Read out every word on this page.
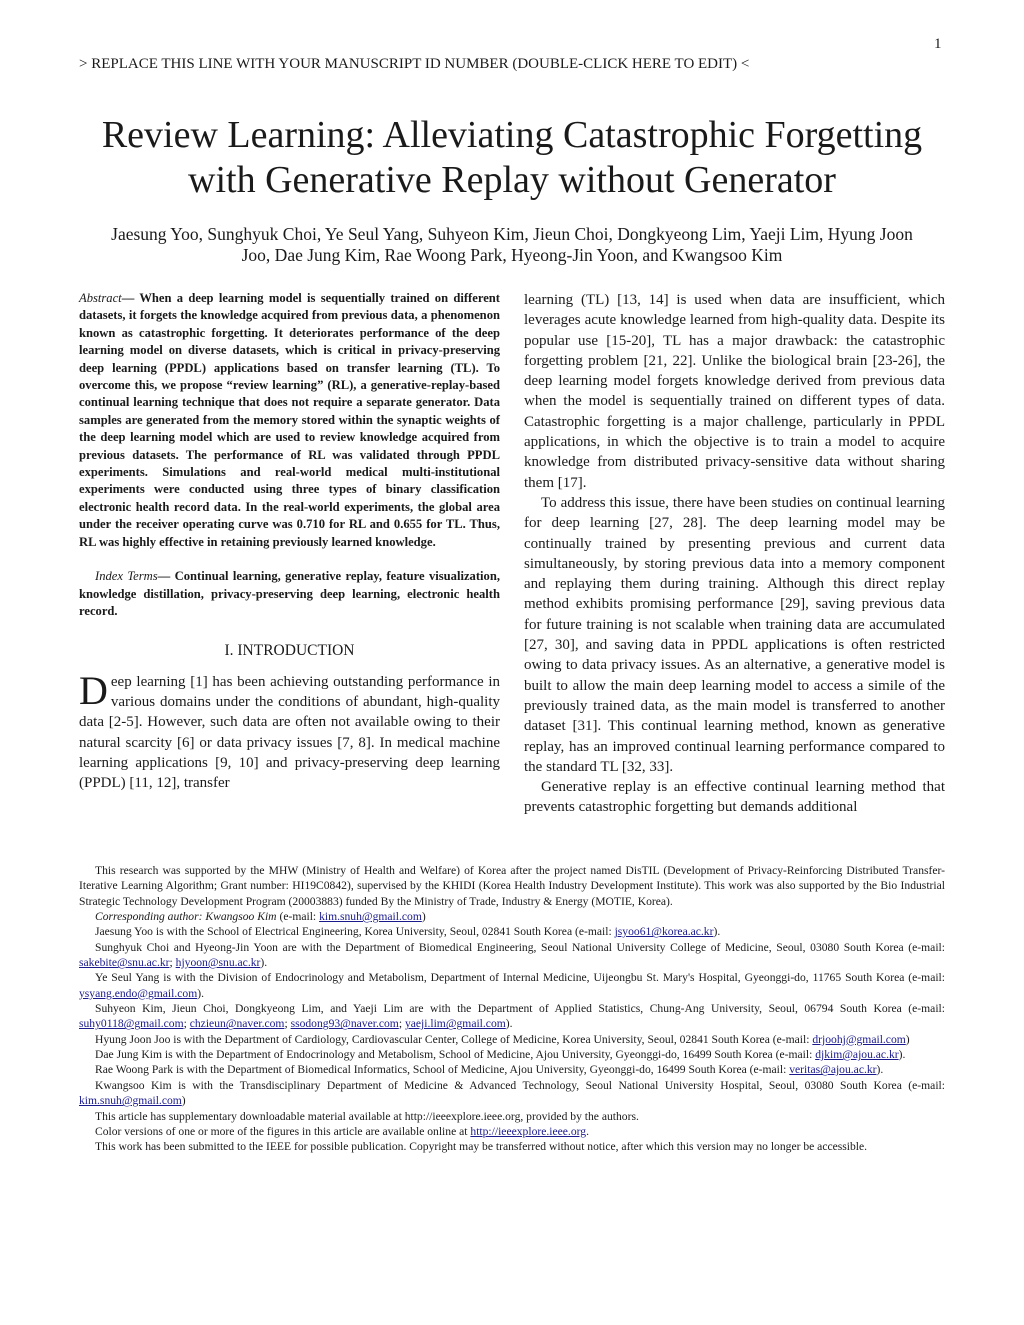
1
> REPLACE THIS LINE WITH YOUR MANUSCRIPT ID NUMBER (DOUBLE-CLICK HERE TO EDIT) <
Review Learning: Alleviating Catastrophic Forgetting
with Generative Replay without Generator
Jaesung Yoo, Sunghyuk Choi, Ye Seul Yang, Suhyeon Kim, Jieun Choi, Dongkyeong Lim, Yaeji Lim, Hyung Joon
Joo, Dae Jung Kim, Rae Woong Park, Hyeong-Jin Yoon, and Kwangsoo Kim

Abstract— When a deep learning model is sequentially trained on different datasets, it forgets the knowledge acquired from previous data, a phenomenon known as catastrophic forgetting. It deteriorates performance of the deep learning model on diverse datasets, which is critical in privacy-preserving deep learning (PPDL) applications based on transfer learning (TL). To overcome this, we propose “review learning” (RL), a generative-replay-based continual learning technique that does not require a separate generator. Data samples are generated from the memory stored within the synaptic weights of the deep learning model which are used to review knowledge acquired from previous datasets. The performance of RL was validated through PPDL experiments. Simulations and real-world medical multi-institutional experiments were conducted using three types of binary classification electronic health record data. In the real-world experiments, the global area under the receiver operating curve was 0.710 for RL and 0.655 for TL. Thus, RL was highly effective in retaining previously learned knowledge.

Index Terms— Continual learning, generative replay, feature visualization, knowledge distillation, privacy-preserving deep learning, electronic health record.

I. INTRODUCTION

Deep learning [1] has been achieving outstanding performance in various domains under the conditions of abundant, high-quality data [2-5]. However, such data are often not available owing to their natural scarcity [6] or data privacy issues [7, 8]. In medical machine learning applications [9, 10] and privacy-preserving deep learning (PPDL) [11, 12], transfer

learning (TL) [13, 14] is used when data are insufficient, which leverages acute knowledge learned from high-quality data. Despite its popular use [15-20], TL has a major drawback: the catastrophic forgetting problem [21, 22]. Unlike the biological brain [23-26], the deep learning model forgets knowledge derived from previous data when the model is sequentially trained on different types of data. Catastrophic forgetting is a major challenge, particularly in PPDL applications, in which the objective is to train a model to acquire knowledge from distributed privacy-sensitive data without sharing them [17].

To address this issue, there have been studies on continual learning for deep learning [27, 28]. The deep learning model may be continually trained by presenting previous and current data simultaneously, by storing previous data into a memory component and replaying them during training. Although this direct replay method exhibits promising performance [29], saving previous data for future training is not scalable when training data are accumulated [27, 30], and saving data in PPDL applications is often restricted owing to data privacy issues. As an alternative, a generative model is built to allow the main deep learning model to access a simile of the previously trained data, as the main model is transferred to another dataset [31]. This continual learning method, known as generative replay, has an improved continual learning performance compared to the standard TL [32, 33].

Generative replay is an effective continual learning method that prevents catastrophic forgetting but demands additional

This research was supported by the MHW (Ministry of Health and Welfare) of Korea after the project named DisTIL (Development of Privacy-Reinforcing Distributed Transfer-Iterative Learning Algorithm; Grant number: HI19C0842), supervised by the KHIDI (Korea Health Industry Development Institute). This work was also supported by the Bio Industrial Strategic Technology Development Program (20003883) funded By the Ministry of Trade, Industry & Energy (MOTIE, Korea).

Corresponding author: Kwangsoo Kim (e-mail: kim.snuh@gmail.com)

Jaesung Yoo is with the School of Electrical Engineering, Korea University, Seoul, 02841 South Korea (e-mail: jsyoo61@korea.ac.kr).

Sunghyuk Choi and Hyeong-Jin Yoon are with the Department of Biomedical Engineering, Seoul National University College of Medicine, Seoul, 03080 South Korea (e-mail: sakebite@snu.ac.kr; hjyoon@snu.ac.kr).

Ye Seul Yang is with the Division of Endocrinology and Metabolism, Department of Internal Medicine, Uijeongbu St. Mary's Hospital, Gyeonggi-do, 11765 South Korea (e-mail: ysyang.endo@gmail.com).

Suhyeon Kim, Jieun Choi, Dongkyeong Lim, and Yaeji Lim are with the Department of Applied Statistics, Chung-Ang University, Seoul, 06794 South Korea (e-mail: suhy0118@gmail.com; chzieun@naver.com; ssodong93@naver.com; yaeji.lim@gmail.com).

Hyung Joon Joo is with the Department of Cardiology, Cardiovascular Center, College of Medicine, Korea University, Seoul, 02841 South Korea (e-mail: drjoohj@gmail.com)

Dae Jung Kim is with the Department of Endocrinology and Metabolism, School of Medicine, Ajou University, Gyeonggi-do, 16499 South Korea (e-mail: djkim@ajou.ac.kr).

Rae Woong Park is with the Department of Biomedical Informatics, School of Medicine, Ajou University, Gyeonggi-do, 16499 South Korea (e-mail: veritas@ajou.ac.kr).

Kwangsoo Kim is with the Transdisciplinary Department of Medicine & Advanced Technology, Seoul National University Hospital, Seoul, 03080 South Korea (e-mail: kim.snuh@gmail.com)

This article has supplementary downloadable material available at http://ieeexplore.ieee.org, provided by the authors.

Color versions of one or more of the figures in this article are available online at http://ieeexplore.ieee.org.

This work has been submitted to the IEEE for possible publication. Copyright may be transferred without notice, after which this version may no longer be accessible.
